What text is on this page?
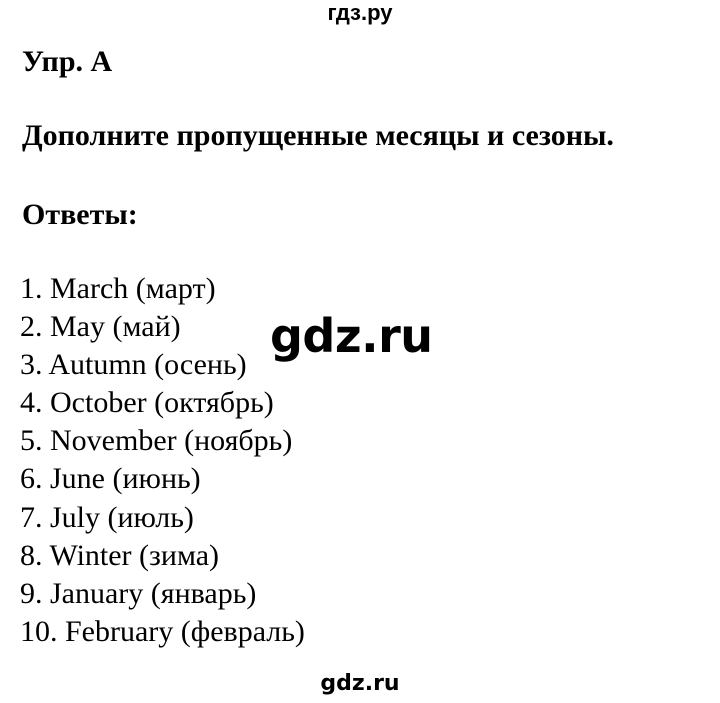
гдз.ру
Упр. A
Дополните пропущенные месяцы и сезоны.
Ответы:
1. March (март)
2. May (май)
3. Autumn (осень)
4. October (октябрь)
5. November (ноябрь)
6. June (июнь)
7. July (июль)
8. Winter (зима)
9. January (январь)
10. February (февраль)
gdz.ru
gdz.ru
